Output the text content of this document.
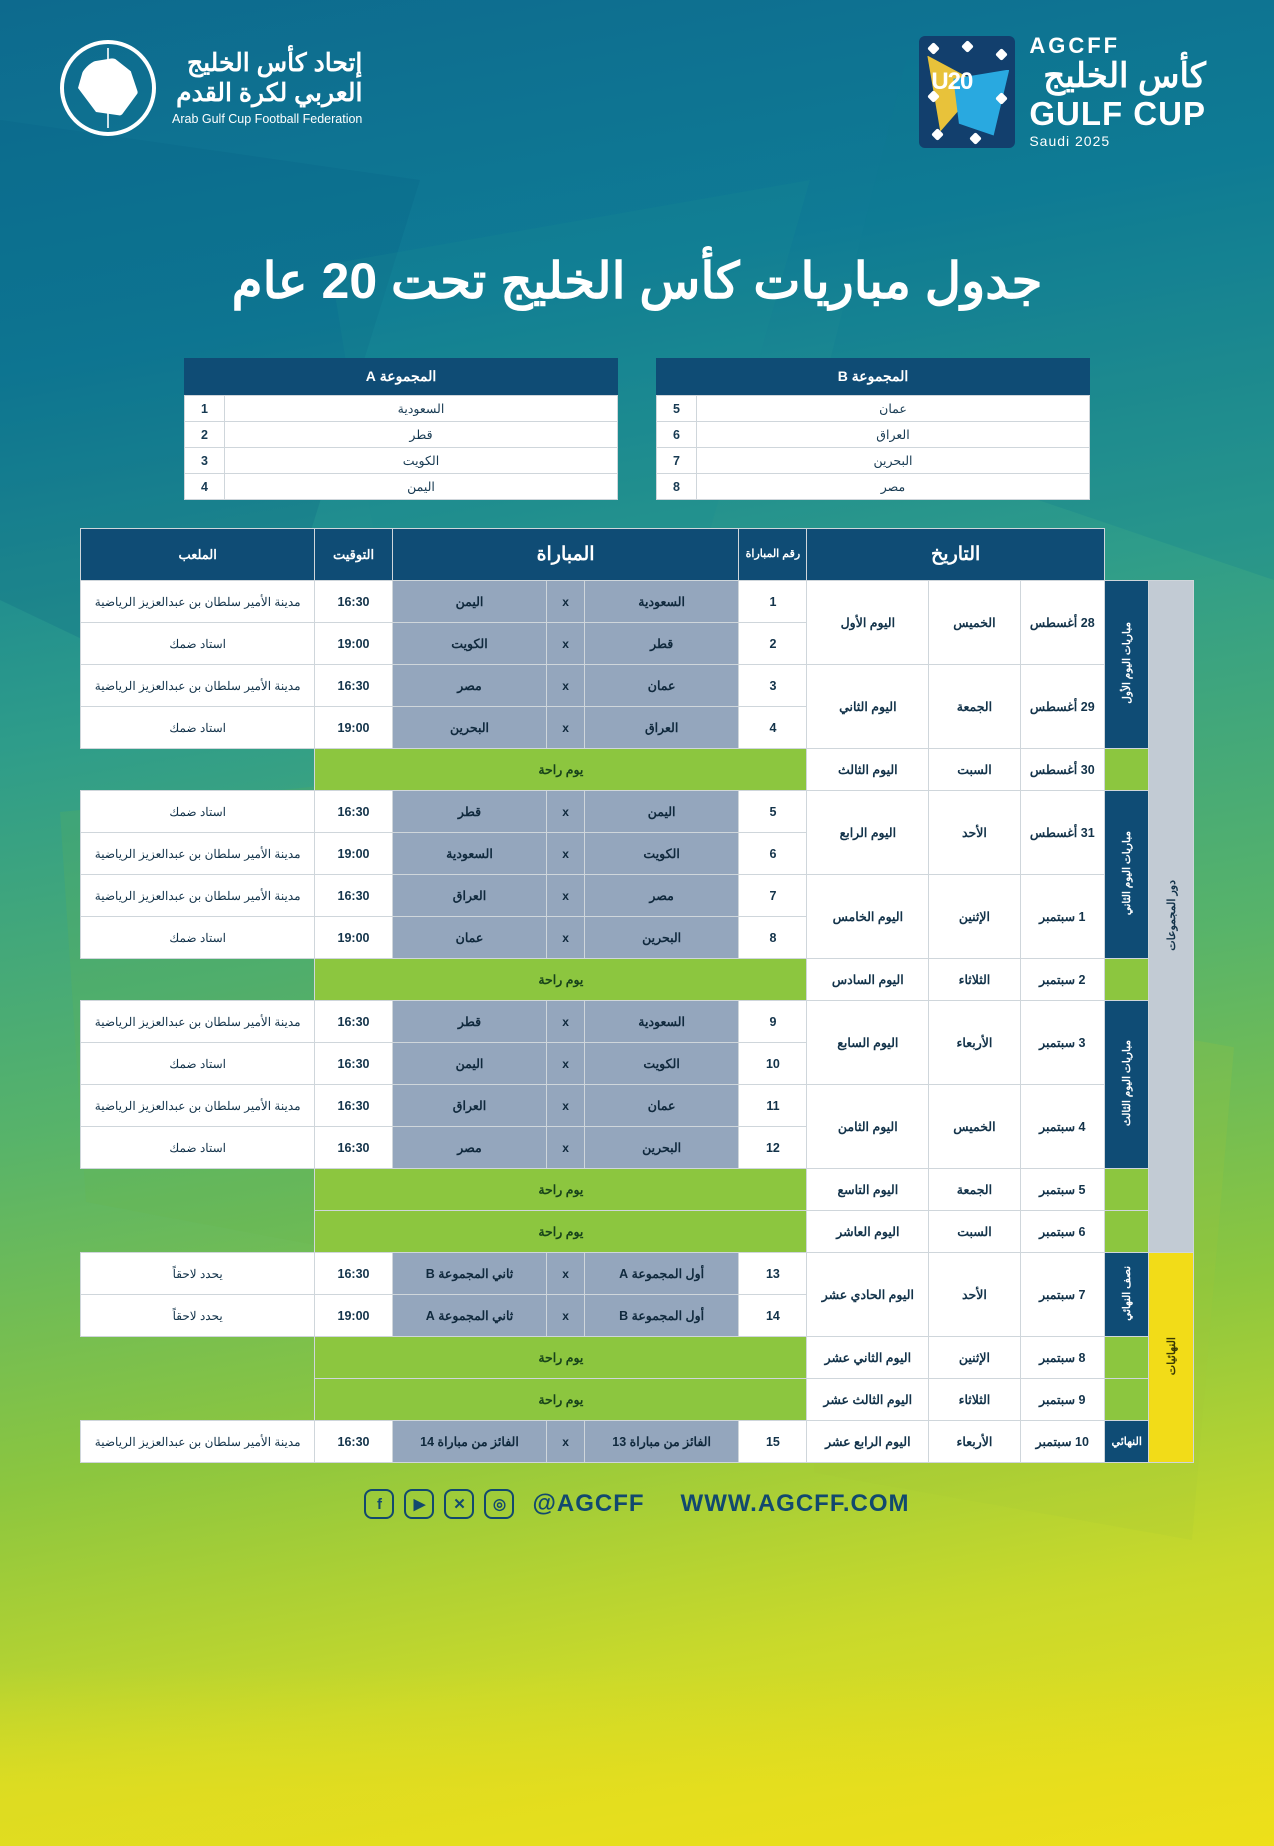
U20
AGCFF
كأس الخليج
GULF CUP
Saudi 2025
إتحاد كأس الخليج
العربي لكرة القدم
Arab Gulf Cup Football Federation
جدول مباريات كأس الخليج تحت 20 عام
المجموعة B
عمان	5
العراق	6
البحرين	7
مصر	8
المجموعة A
السعودية	1
قطر	2
الكويت	3
اليمن	4
		التاريخ			رقم المباراة	المباراة			التوقيت	الملعب
دور المجموعات	مباريات اليوم الأول	28 أغسطس	الخميس	اليوم الأول	1	السعودية	x	اليمن	16:30	مدينة الأمير سلطان بن عبدالعزيز الرياضية
					2	قطر	x	الكويت	19:00	استاد ضمك
		29 أغسطس	الجمعة	اليوم الثاني	3	عمان	x	مصر	16:30	مدينة الأمير سلطان بن عبدالعزيز الرياضية
					4	العراق	x	البحرين	19:00	استاد ضمك
		30 أغسطس	السبت	اليوم الثالث	يوم راحة					
	مباريات اليوم الثاني	31 أغسطس	الأحد	اليوم الرابع	5	اليمن	x	قطر	16:30	استاد ضمك
					6	الكويت	x	السعودية	19:00	مدينة الأمير سلطان بن عبدالعزيز الرياضية
		1 سبتمبر	الإثنين	اليوم الخامس	7	مصر	x	العراق	16:30	مدينة الأمير سلطان بن عبدالعزيز الرياضية
					8	البحرين	x	عمان	19:00	استاد ضمك
		2 سبتمبر	الثلاثاء	اليوم السادس	يوم راحة					
	مباريات اليوم الثالث	3 سبتمبر	الأربعاء	اليوم السابع	9	السعودية	x	قطر	16:30	مدينة الأمير سلطان بن عبدالعزيز الرياضية
					10	الكويت	x	اليمن	16:30	استاد ضمك
		4 سبتمبر	الخميس	اليوم الثامن	11	عمان	x	العراق	16:30	مدينة الأمير سلطان بن عبدالعزيز الرياضية
					12	البحرين	x	مصر	16:30	استاد ضمك
		5 سبتمبر	الجمعة	اليوم التاسع	يوم راحة					
		6 سبتمبر	السبت	اليوم العاشر	يوم راحة					
النهائيات	نصف النهائي	7 سبتمبر	الأحد	اليوم الحادي عشر	13	أول المجموعة A	x	ثاني المجموعة B	16:30	يحدد لاحقاً
					14	أول المجموعة B	x	ثاني المجموعة A	19:00	يحدد لاحقاً
		8 سبتمبر	الإثنين	اليوم الثاني عشر	يوم راحة					
		9 سبتمبر	الثلاثاء	اليوم الثالث عشر	يوم راحة					
	النهائي	10 سبتمبر	الأربعاء	اليوم الرابع عشر	15	الفائز من مباراة 13	x	الفائز من مباراة 14	16:30	مدينة الأمير سلطان بن عبدالعزيز الرياضية
f	▶	✕	◎	@AGCFF WWW.AGCFF.COM
